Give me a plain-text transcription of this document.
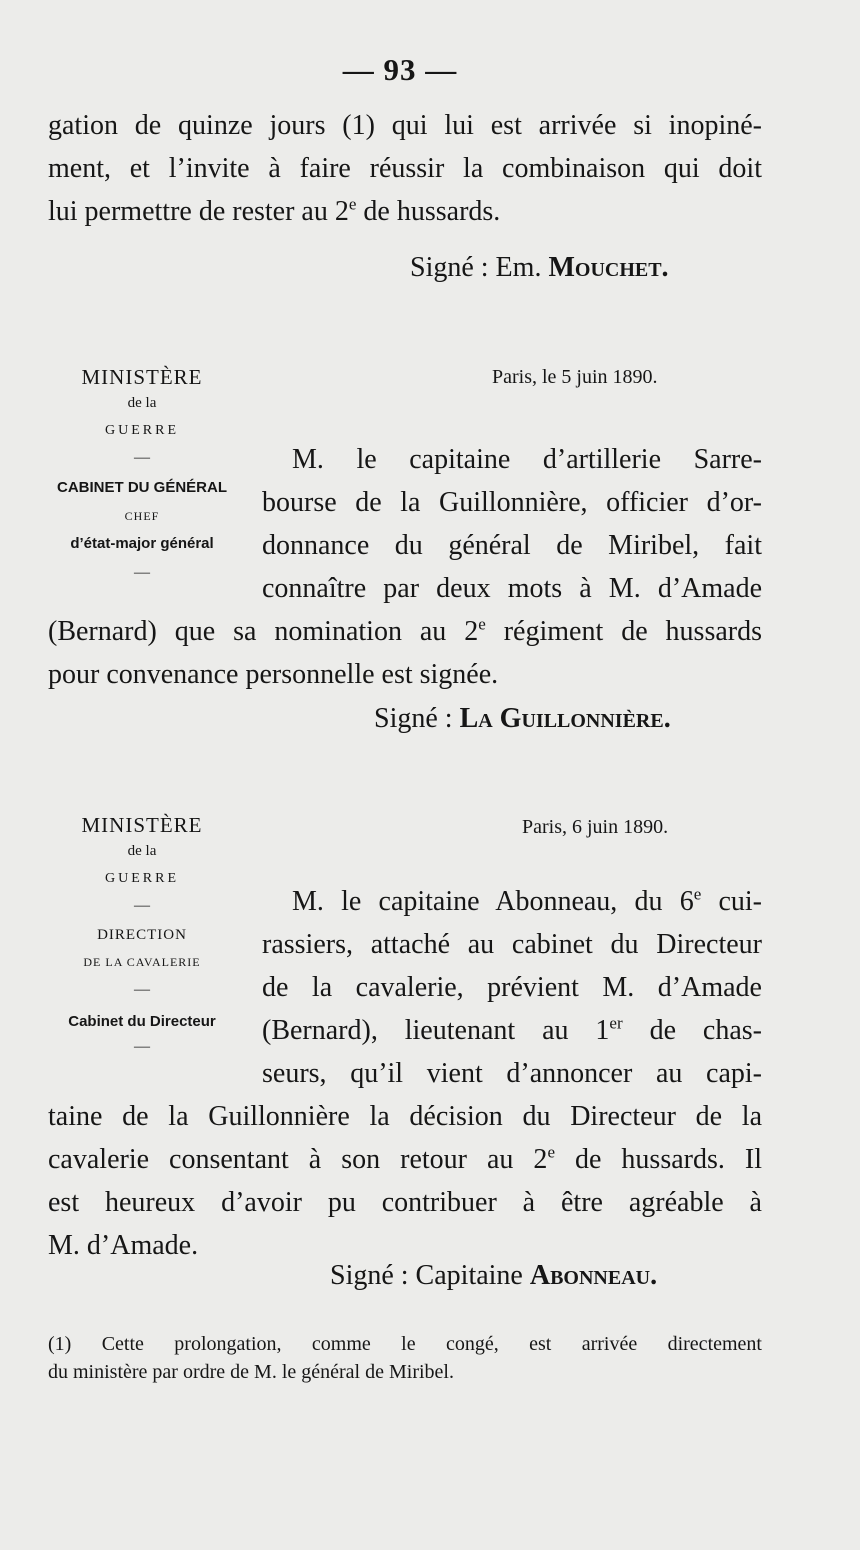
— 93 —
gation de quinze jours (1) qui lui est arrivée si inopiné-
ment, et l’invite à faire réussir la combinaison qui doit
lui permettre de rester au 2e de hussards.
Signé : Em. Mouchet.
MINISTÈRE
de la
GUERRE
—
CABINET DU GÉNÉRAL
CHEF
d’état-major général
—
Paris, le 5 juin 1890.
M. le capitaine d’artillerie Sarre-
bourse de la Guillonnière, officier d’or-
donnance du général de Miribel, fait
connaître par deux mots à M. d’Amade
(Bernard) que sa nomination au 2e régiment de hussards
pour convenance personnelle est signée.
Signé : La Guillonnière.
MINISTÈRE
de la
GUERRE
—
DIRECTION
DE LA CAVALERIE
—
Cabinet du Directeur
—
Paris, 6 juin 1890.
M. le capitaine Abonneau, du 6e cui-
rassiers, attaché au cabinet du Directeur
de la cavalerie, prévient M. d’Amade
(Bernard), lieutenant au 1er de chas-
seurs, qu’il vient d’annoncer au capi-
taine de la Guillonnière la décision du Directeur de la
cavalerie consentant à son retour au 2e de hussards. Il
est heureux d’avoir pu contribuer à être agréable à
M. d’Amade.
Signé : Capitaine Abonneau.
(1) Cette prolongation, comme le congé, est arrivée directement
du ministère par ordre de M. le général de Miribel.
